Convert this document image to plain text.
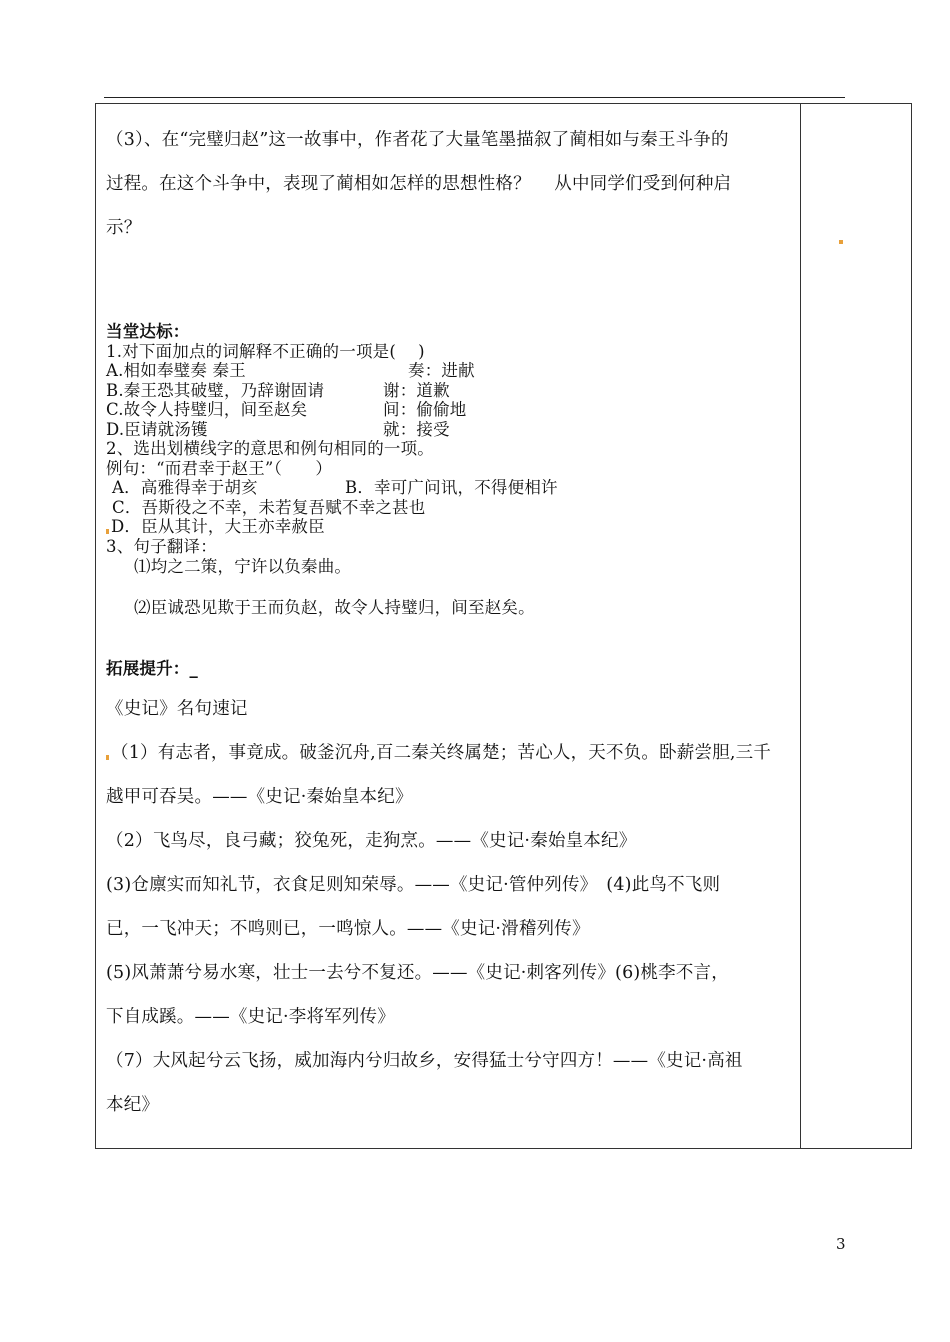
（3）、在“完璧归赵”这一故事中，作者花了大量笔墨描叙了蔺相如与秦王斗争的
过程。在这个斗争中，表现了蔺相如怎样的思想性格？　 从中同学们受到何种启
示？
当堂达标：
1.对下面加点的词解释不正确的一项是(　 )
A.相如奉璧奏 秦王	奏：进献
B.秦王恐其破璧，乃辞谢固请	谢：道歉
C.故令人持璧归，间至赵矣	间：偷偷地
D.臣请就汤镬	就：接受
2、选出划横线字的意思和例句相同的一项。
例句：“而君幸于赵王”（　　）
A．高雅得幸于胡亥	B．幸可广问讯，不得便相许
C．吾斯役之不幸，未若复吾赋不幸之甚也
D．臣从其计，大王亦幸赦臣
3、句子翻译：
⑴均之二策，宁许以负秦曲。
⑵臣诚恐见欺于王而负赵，故令人持璧归，间至赵矣。
拓展提升：_
《史记》名句速记
（1）有志者，事竟成。破釜沉舟,百二秦关终属楚；苦心人，天不负。卧薪尝胆,三千
越甲可吞吴。——《史记·秦始皇本纪》
（2）飞鸟尽，良弓藏；狡兔死，走狗烹。——《史记·秦始皇本纪》
(3)仓廪实而知礼节，衣食足则知荣辱。——《史记·管仲列传》　(4)此鸟不飞则
已，一飞冲天；不鸣则已，一鸣惊人。——《史记·滑稽列传》
(5)风萧萧兮易水寒，壮士一去兮不复还。——《史记·刺客列传》(6)桃李不言，
下自成蹊。——《史记·李将军列传》
（7）大风起兮云飞扬，威加海内兮归故乡，安得猛士兮守四方！——《史记·高祖
本纪》
3
